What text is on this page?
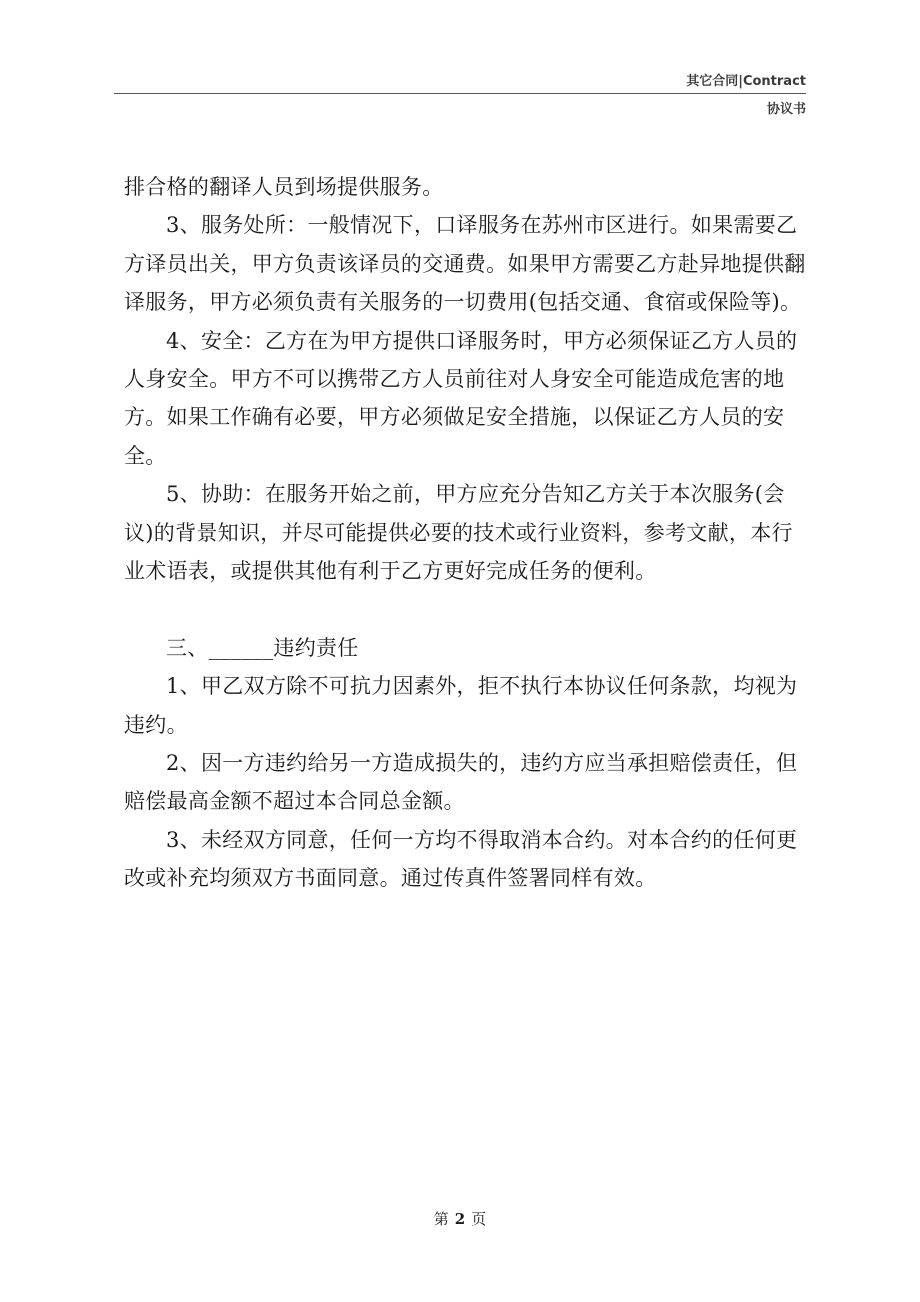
其它合同|Contract
协议书

排合格的翻译人员到场提供服务。

3、服务处所：一般情况下，口译服务在苏州市区进行。如果需要乙方译员出关，甲方负责该译员的交通费。如果甲方需要乙方赴异地提供翻译服务，甲方必须负责有关服务的一切费用(包括交通、食宿或保险等)。

4、安全：乙方在为甲方提供口译服务时，甲方必须保证乙方人员的人身安全。甲方不可以携带乙方人员前往对人身安全可能造成危害的地方。如果工作确有必要，甲方必须做足安全措施，以保证乙方人员的安全。

5、协助：在服务开始之前，甲方应充分告知乙方关于本次服务(会议)的背景知识，并尽可能提供必要的技术或行业资料，参考文献，本行业术语表，或提供其他有利于乙方更好完成任务的便利。

三、______违约责任

1、甲乙双方除不可抗力因素外，拒不执行本协议任何条款，均视为违约。

2、因一方违约给另一方造成损失的，违约方应当承担赔偿责任，但赔偿最高金额不超过本合同总金额。

3、未经双方同意，任何一方均不得取消本合约。对本合约的任何更改或补充均须双方书面同意。通过传真件签署同样有效。

第 2 页
